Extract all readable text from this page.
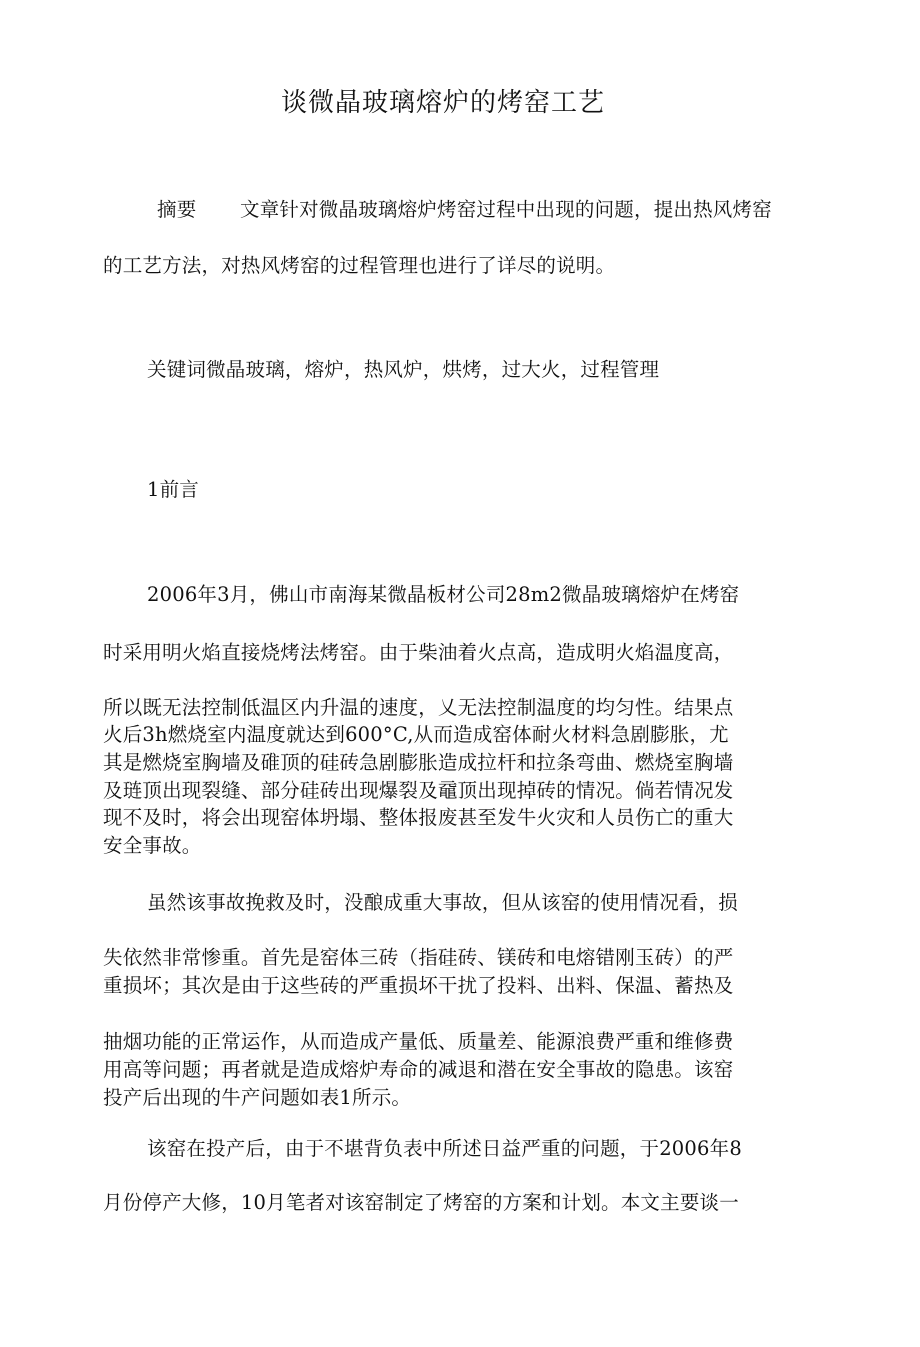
谈微晶玻璃熔炉的烤窑工艺
摘要 文章针对微晶玻璃熔炉烤窑过程中出现的问题，提出热风烤窑
的工艺方法，对热风烤窑的过程管理也进行了详尽的说明。
关键词微晶玻璃，熔炉，热风炉，烘烤，过大火，过程管理
1前言
2006年3月，佛山市南海某微晶板材公司28m2微晶玻璃熔炉在烤窑
时采用明火焰直接烧烤法烤窑。由于柴油着火点高，造成明火焰温度高，
所以既无法控制低温区内升温的速度，乂无法控制温度的均匀性。结果点
火后3h燃烧室内温度就达到600°C,从而造成窑体耐火材料急剧膨胀，尤
其是燃烧室胸墙及碓顶的硅砖急剧膨胀造成拉杆和拉条弯曲、燃烧室胸墙
及琏顶出现裂缝、部分硅砖出现爆裂及黿顶出现掉砖的情况。倘若情况发
现不及时，将会出现窑体坍塌、整体报废甚至发牛火灾和人员伤亡的重大
安全事故。
虽然该事故挽救及时，没酿成重大事故，但从该窑的使用情况看，损
失依然非常惨重。首先是窑体三砖（指硅砖、镁砖和电熔错刚玉砖）的严
重损坏；其次是由于这些砖的严重损坏干扰了投料、出料、保温、蓄热及
抽烟功能的正常运作，从而造成产量低、质量差、能源浪费严重和维修费
用高等问题；再者就是造成熔炉寿命的减退和潜在安全事故的隐患。该窑
投产后出现的牛产问题如表1所示。
该窑在投产后，由于不堪背负表中所述日益严重的问题，于2006年8
月份停产大修，10月笔者对该窑制定了烤窑的方案和计划。本文主要谈一
